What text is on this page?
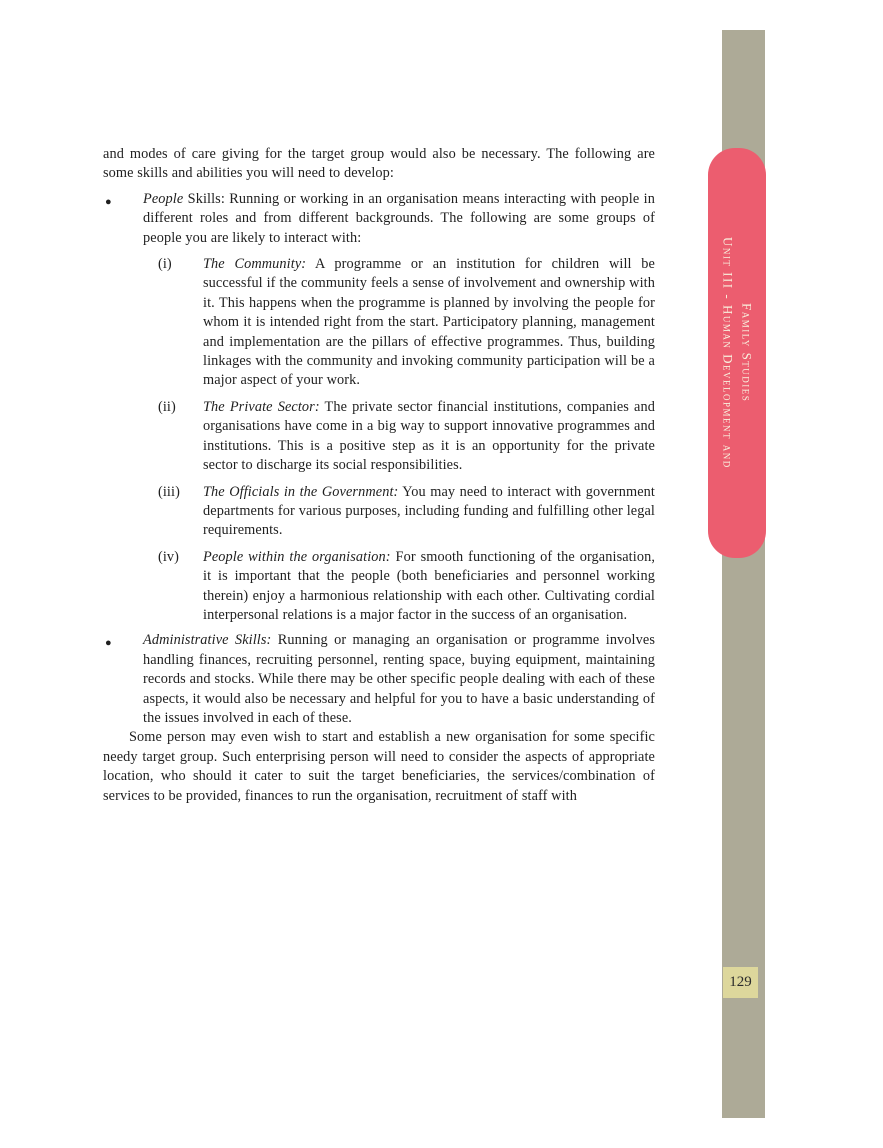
Unit III - Human Development and Family Studies
129

and modes of care giving for the target group would also be necessary. The following are some skills and abilities you will need to develop:

● People Skills: Running or working in an organisation means interacting with people in different roles and from different backgrounds. The following are some groups of people you are likely to interact with:
(i) The Community: A programme or an institution for children will be successful if the community feels a sense of involvement and ownership with it. This happens when the programme is planned by involving the people for whom it is intended right from the start. Participatory planning, management and implementation are the pillars of effective programmes. Thus, building linkages with the community and invoking community participation will be a major aspect of your work.
(ii) The Private Sector: The private sector financial institutions, companies and organisations have come in a big way to support innovative programmes and institutions. This is a positive step as it is an opportunity for the private sector to discharge its social responsibilities.
(iii) The Officials in the Government: You may need to interact with government departments for various purposes, including funding and fulfilling other legal requirements.
(iv) People within the organisation: For smooth functioning of the organisation, it is important that the people (both beneficiaries and personnel working therein) enjoy a harmonious relationship with each other. Cultivating cordial interpersonal relations is a major factor in the success of an organisation.
● Administrative Skills: Running or managing an organisation or programme involves handling finances, recruiting personnel, renting space, buying equipment, maintaining records and stocks. While there may be other specific people dealing with each of these aspects, it would also be necessary and helpful for you to have a basic understanding of the issues involved in each of these.

Some person may even wish to start and establish a new organisation for some specific needy target group. Such enterprising person will need to consider the aspects of appropriate location, who should it cater to suit the target beneficiaries, the services/combination of services to be provided, finances to run the organisation, recruitment of staff with
